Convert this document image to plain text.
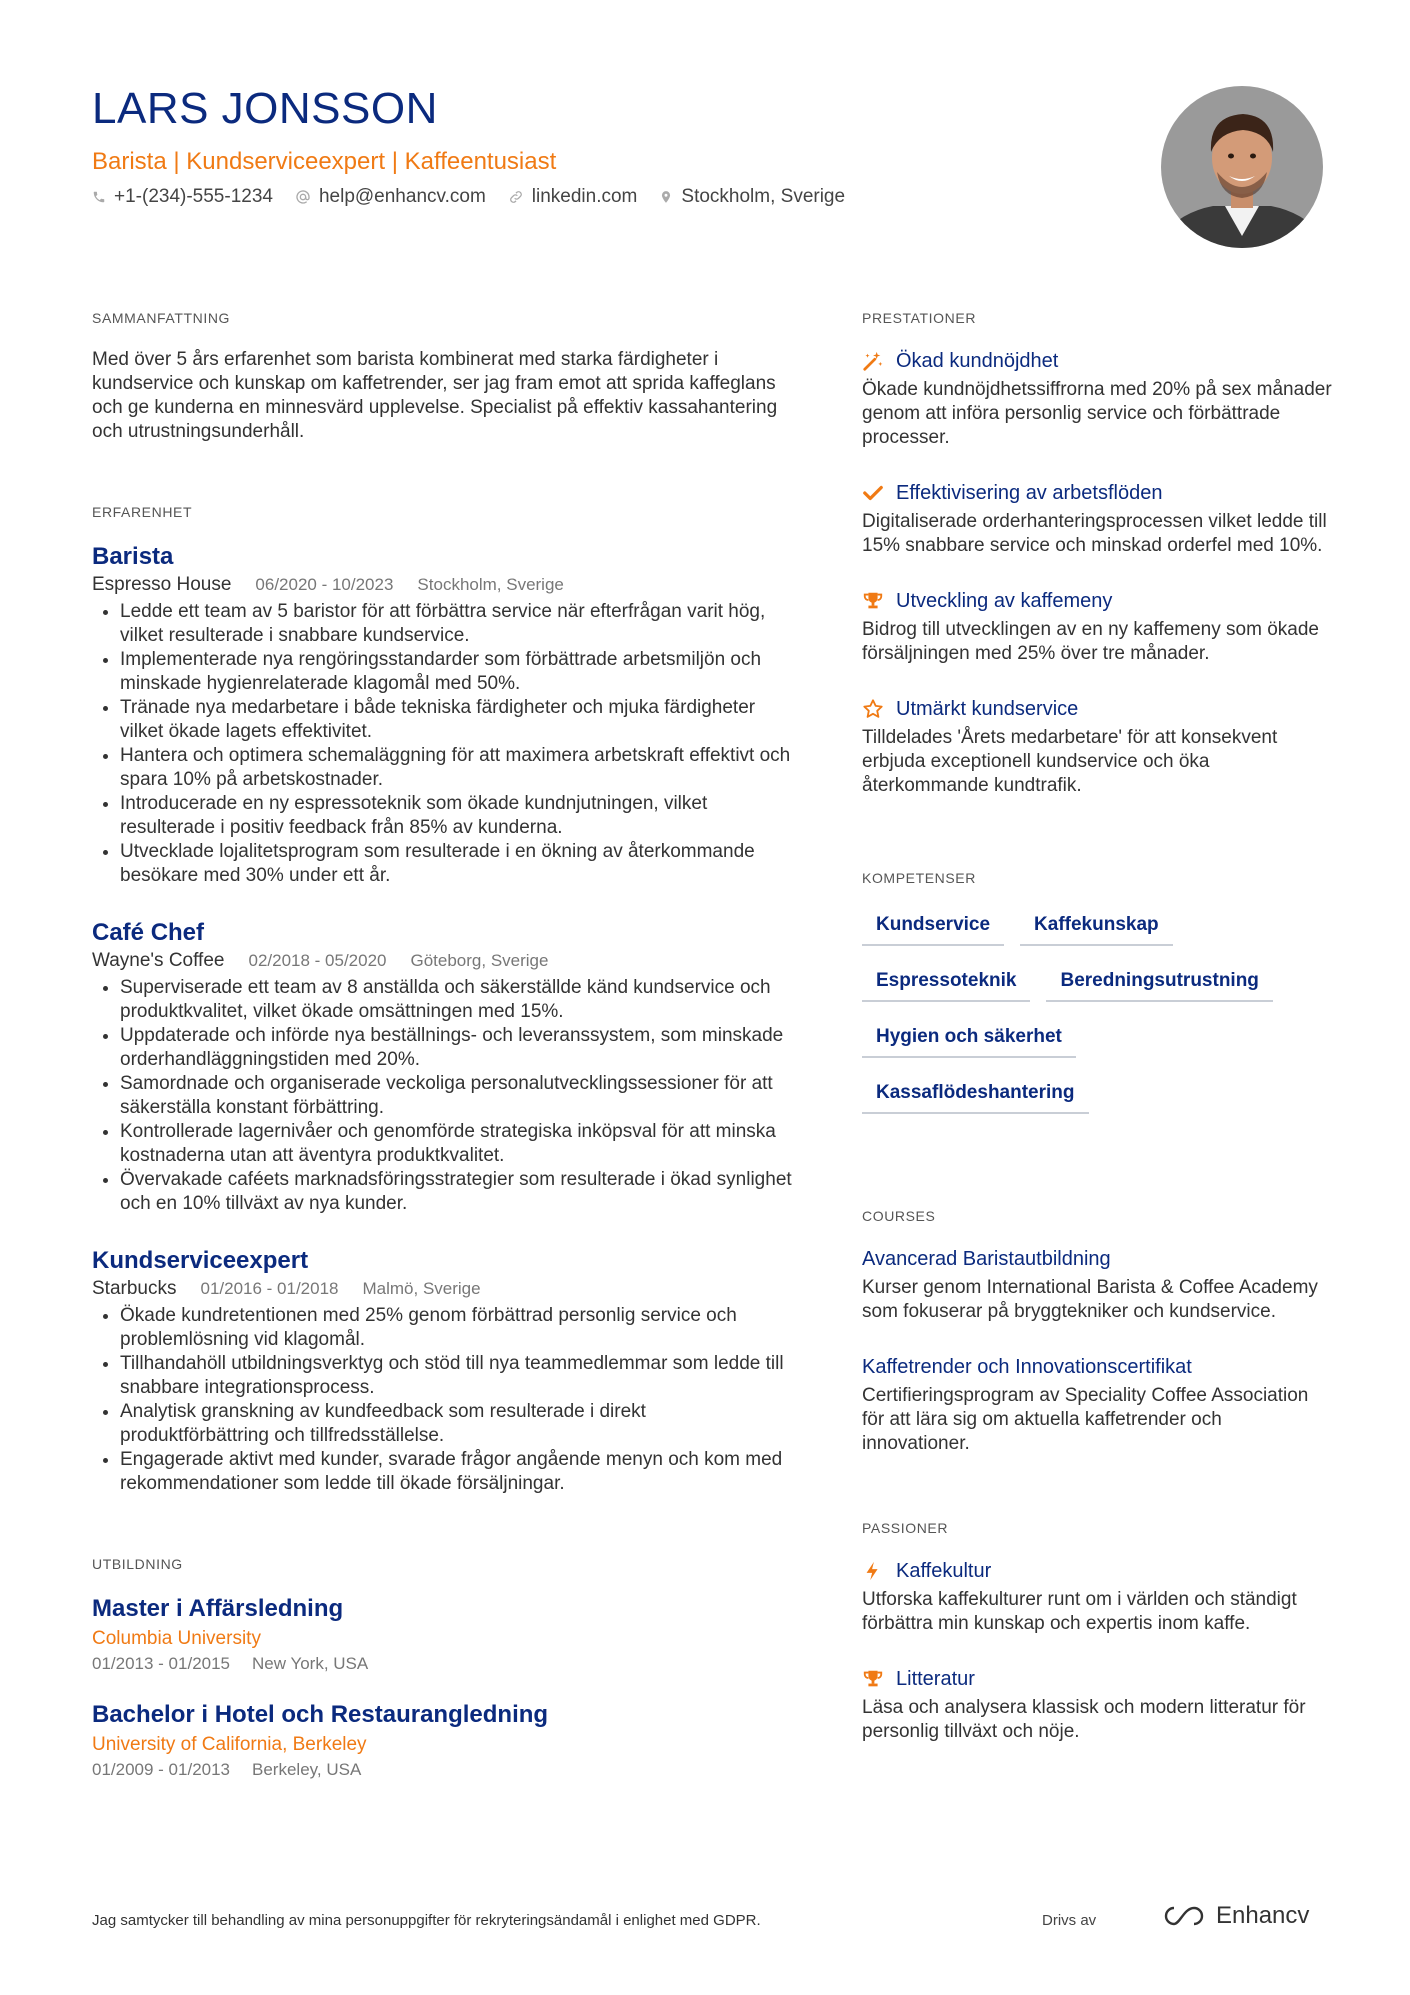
LARS JONSSON
Barista | Kundserviceexpert | Kaffeentusiast
+1-(234)-555-1234 help@enhancv.com linkedin.com Stockholm, Sverige
SAMMANFATTNING

Med över 5 års erfarenhet som barista kombinerat med starka färdigheter i kundservice och kunskap om kaffetrender, ser jag fram emot att sprida kaffeglans och ge kunderna en minnesvärd upplevelse. Specialist på effektiv kassahantering och utrustningsunderhåll.

ERFARENHET
Barista
Espresso House 06/2020 - 10/2023 Stockholm, Sverige
• Ledde ett team av 5 baristor för att förbättra service när efterfrågan varit hög, vilket resulterade i snabbare kundservice.
• Implementerade nya rengöringsstandarder som förbättrade arbetsmiljön och minskade hygienrelaterade klagomål med 50%.
• Tränade nya medarbetare i både tekniska färdigheter och mjuka färdigheter vilket ökade lagets effektivitet.
• Hantera och optimera schemaläggning för att maximera arbetskraft effektivt och spara 10% på arbetskostnader.
• Introducerade en ny espressoteknik som ökade kundnjutningen, vilket resulterade i positiv feedback från 85% av kunderna.
• Utvecklade lojalitetsprogram som resulterade i en ökning av återkommande besökare med 30% under ett år.
Café Chef
Wayne's Coffee 02/2018 - 05/2020 Göteborg, Sverige
• Superviserade ett team av 8 anställda och säkerställde känd kundservice och produktkvalitet, vilket ökade omsättningen med 15%.
• Uppdaterade och införde nya beställnings- och leveranssystem, som minskade orderhandläggningstiden med 20%.
• Samordnade och organiserade veckoliga personalutvecklingssessioner för att säkerställa konstant förbättring.
• Kontrollerade lagernivåer och genomförde strategiska inköpsval för att minska kostnaderna utan att äventyra produktkvalitet.
• Övervakade caféets marknadsföringsstrategier som resulterade i ökad synlighet och en 10% tillväxt av nya kunder.
Kundserviceexpert
Starbucks 01/2016 - 01/2018 Malmö, Sverige
• Ökade kundretentionen med 25% genom förbättrad personlig service och problemlösning vid klagomål.
• Tillhandahöll utbildningsverktyg och stöd till nya teammedlemmar som ledde till snabbare integrationsprocess.
• Analytisk granskning av kundfeedback som resulterade i direkt produktförbättring och tillfredsställelse.
• Engagerade aktivt med kunder, svarade frågor angående menyn och kom med rekommendationer som ledde till ökade försäljningar.
UTBILDNING
Master i Affärsledning
Columbia University
01/2013 - 01/2015 New York, USA
Bachelor i Hotel och Restaurangledning
University of California, Berkeley
01/2009 - 01/2013 Berkeley, USA
PRESTATIONER
Ökad kundnöjdhet
Ökade kundnöjdhetssiffrorna med 20% på sex månader genom att införa personlig service och förbättrade processer.
Effektivisering av arbetsflöden
Digitaliserade orderhanteringsprocessen vilket ledde till 15% snabbare service och minskad orderfel med 10%.
Utveckling av kaffemeny
Bidrog till utvecklingen av en ny kaffemeny som ökade försäljningen med 25% över tre månader.
Utmärkt kundservice
Tilldelades 'Årets medarbetare' för att konsekvent erbjuda exceptionell kundservice och öka återkommande kundtrafik.
KOMPETENSER
Kundservice	Kaffekunskap
Espressoteknik	Beredningsutrustning
Hygien och säkerhet
Kassaflödeshantering
COURSES
Avancerad Baristautbildning
Kurser genom International Barista & Coffee Academy som fokuserar på bryggtekniker och kundservice.
Kaffetrender och Innovationscertifikat
Certifieringsprogram av Speciality Coffee Association för att lära sig om aktuella kaffetrender och innovationer.
PASSIONER
Kaffekultur
Utforska kaffekulturer runt om i världen och ständigt förbättra min kunskap och expertis inom kaffe.
Litteratur
Läsa och analysera klassisk och modern litteratur för personlig tillväxt och nöje.
Jag samtycker till behandling av mina personuppgifter för rekryteringsändamål i enlighet med GDPR.	Drivs av	Enhancv
